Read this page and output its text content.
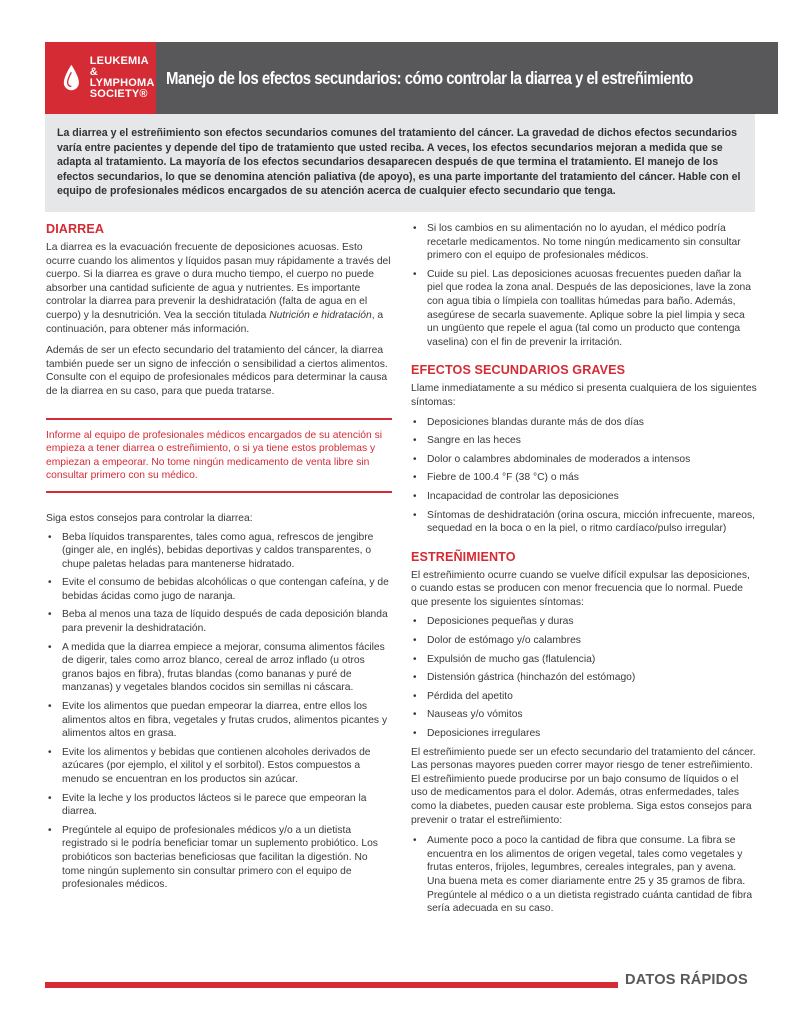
LEUKEMIA &
LYMPHOMA
SOCIETY®
Manejo de los efectos secundarios: cómo controlar la diarrea y el estreñimiento
La diarrea y el estreñimiento son efectos secundarios comunes del tratamiento del cáncer. La gravedad de dichos efectos secundarios varía entre pacientes y depende del tipo de tratamiento que usted reciba. A veces, los efectos secundarios mejoran a medida que se adapta al tratamiento. La mayoría de los efectos secundarios desaparecen después de que termina el tratamiento. El manejo de los efectos secundarios, lo que se denomina atención paliativa (de apoyo), es una parte importante del tratamiento del cáncer. Hable con el equipo de profesionales médicos encargados de su atención acerca de cualquier efecto secundario que tenga.
DIARREA

La diarrea es la evacuación frecuente de deposiciones acuosas. Esto ocurre cuando los alimentos y líquidos pasan muy rápidamente a través del cuerpo. Si la diarrea es grave o dura mucho tiempo, el cuerpo no puede absorber una cantidad suficiente de agua y nutrientes. Es importante controlar la diarrea para prevenir la deshidratación (falta de agua en el cuerpo) y la desnutrición. Vea la sección titulada Nutrición e hidratación, a continuación, para obtener más información.

Además de ser un efecto secundario del tratamiento del cáncer, la diarrea también puede ser un signo de infección o sensibilidad a ciertos alimentos. Consulte con el equipo de profesionales médicos para determinar la causa de la diarrea en su caso, para que pueda tratarse.

Informe al equipo de profesionales médicos encargados de su atención si empieza a tener diarrea o estreñimiento, o si ya tiene estos problemas y empiezan a empeorar. No tome ningún medicamento de venta libre sin consultar primero con su médico.

Siga estos consejos para controlar la diarrea:

• Beba líquidos transparentes, tales como agua, refrescos de jengibre (ginger ale, en inglés), bebidas deportivas y caldos transparentes, o chupe paletas heladas para mantenerse hidratado.
• Evite el consumo de bebidas alcohólicas o que contengan cafeína, y de bebidas ácidas como jugo de naranja.
• Beba al menos una taza de líquido después de cada deposición blanda para prevenir la deshidratación.
• A medida que la diarrea empiece a mejorar, consuma alimentos fáciles de digerir, tales como arroz blanco, cereal de arroz inflado (u otros granos bajos en fibra), frutas blandas (como bananas y puré de manzanas) y vegetales blandos cocidos sin semillas ni cáscara.
• Evite los alimentos que puedan empeorar la diarrea, entre ellos los alimentos altos en fibra, vegetales y frutas crudos, alimentos picantes y alimentos altos en grasa.
• Evite los alimentos y bebidas que contienen alcoholes derivados de azúcares (por ejemplo, el xilitol y el sorbitol). Estos compuestos a menudo se encuentran en los productos sin azúcar.
• Evite la leche y los productos lácteos si le parece que empeoran la diarrea.
• Pregúntele al equipo de profesionales médicos y/o a un dietista registrado si le podría beneficiar tomar un suplemento probiótico. Los probióticos son bacterias beneficiosas que facilitan la digestión. No tome ningún suplemento sin consultar primero con el equipo de profesionales médicos.
• Si los cambios en su alimentación no lo ayudan, el médico podría recetarle medicamentos. No tome ningún medicamento sin consultar primero con el equipo de profesionales médicos.
• Cuide su piel. Las deposiciones acuosas frecuentes pueden dañar la piel que rodea la zona anal. Después de las deposiciones, lave la zona con agua tibia o límpiela con toallitas húmedas para baño. Además, asegúrese de secarla suavemente. Aplique sobre la piel limpia y seca un ungüento que repele el agua (tal como un producto que contenga vaselina) con el fin de prevenir la irritación.
EFECTOS SECUNDARIOS GRAVES

Llame inmediatamente a su médico si presenta cualquiera de los siguientes síntomas:

• Deposiciones blandas durante más de dos días
• Sangre en las heces
• Dolor o calambres abdominales de moderados a intensos
• Fiebre de 100.4 °F (38 °C) o más
• Incapacidad de controlar las deposiciones
• Síntomas de deshidratación (orina oscura, micción infrecuente, mareos, sequedad en la boca o en la piel, o ritmo cardíaco/pulso irregular)
ESTREÑIMIENTO

El estreñimiento ocurre cuando se vuelve difícil expulsar las deposiciones, o cuando estas se producen con menor frecuencia que lo normal. Puede que presente los siguientes síntomas:

• Deposiciones pequeñas y duras
• Dolor de estómago y/o calambres
• Expulsión de mucho gas (flatulencia)
• Distensión gástrica (hinchazón del estómago)
• Pérdida del apetito
• Nauseas y/o vómitos
• Deposiciones irregulares

El estreñimiento puede ser un efecto secundario del tratamiento del cáncer. Las personas mayores pueden correr mayor riesgo de tener estreñimiento. El estreñimiento puede producirse por un bajo consumo de líquidos o el uso de medicamentos para el dolor. Además, otras enfermedades, tales como la diabetes, pueden causar este problema. Siga estos consejos para prevenir o tratar el estreñimiento:

• Aumente poco a poco la cantidad de fibra que consume. La fibra se encuentra en los alimentos de origen vegetal, tales como vegetales y frutas enteros, frijoles, legumbres, cereales integrales, pan y avena. Una buena meta es comer diariamente entre 25 y 35 gramos de fibra. Pregúntele al médico o a un dietista registrado cuánta cantidad de fibra sería adecuada en su caso.
DATOS RÁPIDOS
